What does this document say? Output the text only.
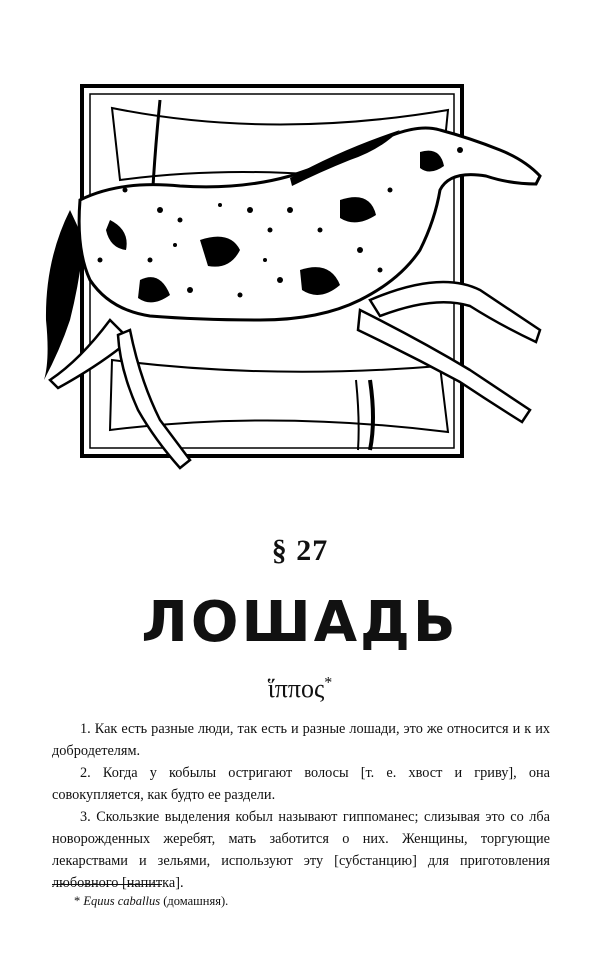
§ 27
ЛОШАДЬ
ἵππος*

1. Как есть разные люди, так есть и разные лошади, это же относится и к их добродетелям.

2. Когда у кобылы остригают волосы [т. е. хвост и гриву], она совокупляется, как будто ее раздели.

3. Скользкие выделения кобыл называют гиппоманес; слизывая это со лба новорожденных жеребят, мать заботится о них. Женщины, торгующие лекарствами и зельями, используют эту [субстанцию] для приготовления любовного [напитка].

* Equus caballus (домашняя).
